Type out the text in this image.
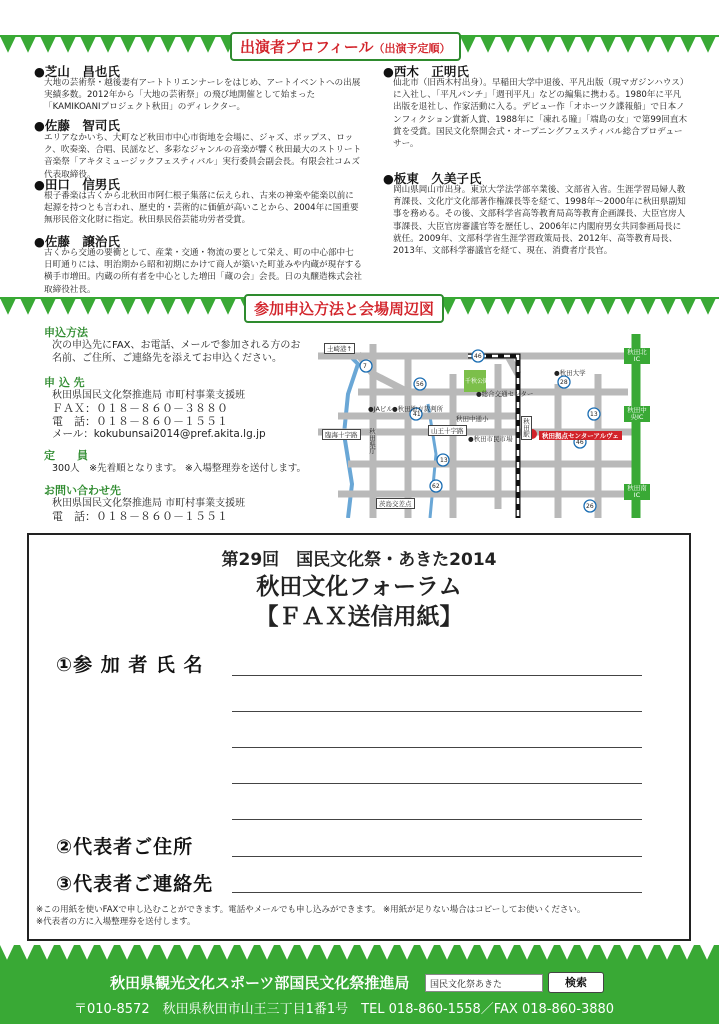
出演者プロフィール（出演予定順）
●芝山　昌也氏
大地の芸術祭・越後妻有アートトリエンナーレをはじめ、アートイベントへの出展実績多数。2012年から「大地の芸術祭」の飛び地開催として始まった「KAMIKOANIプロジェクト秋田」のディレクター。
●佐藤　智司氏
エリアなかいち、大町など秋田市中心市街地を会場に、ジャズ、ポップス、ロック、吹奏楽、合唱、民謡など、多彩なジャンルの音楽が響く秋田最大のストリート音楽祭「アキタミュージックフェスティバル」実行委員会副会長。有限会社コムズ代表取締役。
●田口　信男氏
根子番楽は古くから北秋田市阿仁根子集落に伝えられ、古来の神楽や能楽以前に起源を持つとも言われ、歴史的・芸術的に価値が高いことから、2004年に国重要無形民俗文化財に指定。秋田県民俗芸能功労者受賞。
●佐藤　譲治氏
古くから交通の要衝として、産業・交通・物流の要として栄え、町の中心部中七日町通りには、明治期から昭和初期にかけて商人が築いた町並みや内蔵が現存する横手市増田。内蔵の所有者を中心とした増田「蔵の会」会長。日の丸醸造株式会社取締役社長。
●西木　正明氏
仙北市（旧西木村出身）。早稲田大学中退後、平凡出版（現マガジンハウス）に入社し、「平凡パンチ」「週刊平凡」などの編集に携わる。1980年に平凡出版を退社し、作家活動に入る。デビュー作「オホーツク諜報船」で日本ノンフィクション賞新人賞、1988年に「凍れる瞳」「端島の女」で第99回直木賞を受賞。国民文化祭開会式・オープニングフェスティバル総合プロデューサー。
●板東　久美子氏
岡山県岡山市出身。東京大学法学部卒業後、文部省入省。生涯学習局婦人教育課長、文化庁文化部著作権課長等を経て、1998年〜2000年に秋田県副知事を務める。その後、文部科学省高等教育局高等教育企画課長、大臣官房人事課長、大臣官房審議官等を歴任し、2006年に内閣府男女共同参画局長に就任。2009年、文部科学省生涯学習政策局長、2012年、高等教育局長、2013年、文部科学審議官を経て、現在、消費者庁長官。
参加申込方法と会場周辺図
申込方法
次の申込先にFAX、お電話、メールで参加される方のお名前、ご住所、ご連絡先を添えてお申込ください。
申 込 先
秋田県国民文化祭推進局 市町村事業支援班
ＦＡＸ：０１８－８６０－３８８０
電　話：０１８－８６０－１５５１
メール：kokubunsai2014@pref.akita.lg.jp
定　　員
300人　※先着順となります。 ※入場整理券を送付します。
お問い合わせ先
秋田県国民文化祭推進局 市町村事業支援班
電　話：０１８－８６０－１５５１
土崎港↑
●秋田大学
千秋公園
●総合交通センター
●JAビル ●秋田地方裁判所
●秋田市民市場
秋田中通小
山王十字路	秋田駅	秋田拠点センターアルヴェ
臨海十字路	秋田県庁
茨島交差点
秋田北IC
秋田中央IC
秋田南IC
7
56
41
46
13
62
26
28
13
46
第29回　国民文化祭・あきた2014
秋田文化フォーラム
【ＦＡＸ送信用紙】
①参 加 者 氏 名
②代表者ご住所
③代表者ご連絡先
※この用紙を使いFAXで申し込むことができます。電話やメールでも申し込みができます。 ※用紙が足りない場合はコピーしてお使いください。
※代表者の方に入場整理券を送付します。
秋田県観光文化スポーツ部国民文化祭推進局	国民文化祭あきた	検索
〒010-8572　秋田県秋田市山王三丁目1番1号　TEL 018-860-1558／FAX 018-860-3880
